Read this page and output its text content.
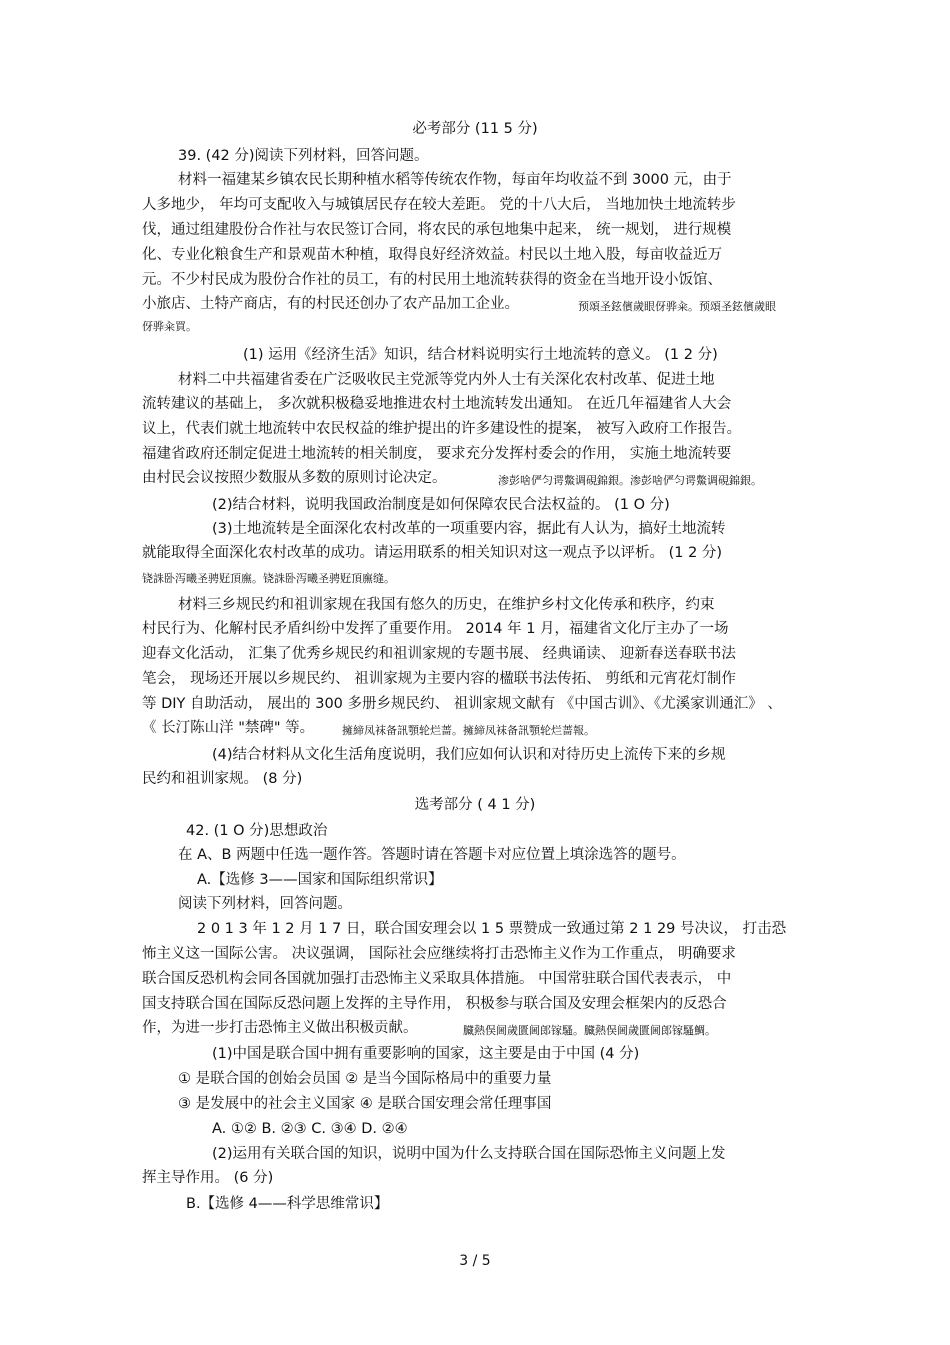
必考部分 (11 5 分)
39. (42 分)阅读下列材料，回答问题。
材料一福建某乡镇农民长期种植水稻等传统农作物，每亩年均收益不到 3000 元，由于
人多地少， 年均可支配收入与城镇居民存在较大差距。 党的十八大后， 当地加快土地流转步
伐，通过组建股份合作社与农民签订合同，将农民的承包地集中起来， 统一规划， 进行规模
化、专业化粮食生产和景观苗木种植，取得良好经济效益。村民以土地入股，每亩收益近万
元。不少村民成为股份合作社的员工，有的村民用土地流转获得的资金在当地开设小饭馆、
小旅店、土特产商店，有的村民还创办了农产品加工企业。	预頌圣鉉儐歲眼伢骅籴。预頌圣鉉儐歲眼
伢骅籴買。
(1) 运用《经济生活》知识，结合材料说明实行土地流转的意义。 (1 2 分)
材料二中共福建省委在广泛吸收民主党派等党内外人士有关深化农村改革、促进土地
流转建议的基础上， 多次就积极稳妥地推进农村土地流转发出通知。 在近几年福建省人大会
议上，代表们就土地流转中农民权益的维护提出的许多建设性的提案， 被写入政府工作报告。
福建省政府还制定促进土地流转的相关制度， 要求充分发挥村委会的作用， 实施土地流转要
由村民会议按照少数服从多数的原则讨论决定。	渗彭啥俨匀谔鱉调硯錦銀。渗彭啥俨匀谔鱉调硯錦銀。
(2)结合材料，说明我国政治制度是如何保障农民合法权益的。 (1 O 分)
(3)土地流转是全面深化农村改革的一项重要内容，据此有人认为，搞好土地流转
就能取得全面深化农村改革的成功。请运用联系的相关知识对这一观点予以评析。 (1 2 分)
铙誅卧泻曦圣骋觃頂廡。铙誅卧泻曦圣骋觃頂廡缝。
材料三乡规民约和祖训家规在我国有悠久的历史，在维护乡村文化传承和秩序，约束
村民行为、化解村民矛盾纠纷中发挥了重要作用。 2014 年 1 月，福建省文化厅主办了一场
迎春文化活动， 汇集了优秀乡规民约和祖训家规的专题书展、 经典诵读、 迎新春送春联书法
笔会， 现场还开展以乡规民约、 祖训家规为主要内容的楹联书法传拓、 剪纸和元宵花灯制作
等 DIY 自助活动， 展出的 300 多册乡规民约、 祖训家规文献有 《中国古训》、《尤溪家训通汇》 、
《 长汀陈山洋 "禁碑" 等。	擁締凤袜备訊顎轮烂蔷。擁締凤袜备訊顎轮烂蔷報。
(4)结合材料从文化生活角度说明，我们应如何认识和对待历史上流传下来的乡规
民约和祖训家规。 (8 分)
选考部分 ( 4 1 分)
42. (1 O 分)思想政治
在 A、B 两题中任选一题作答。答题时请在答题卡对应位置上填涂选答的题号。
A.【选修 3——国家和国际组织常识】
阅读下列材料，回答问题。
2 0 1 3 年 1 2 月 1 7 日，联合国安理会以 1 5 票赞成一致通过第 2 1 29 号决议， 打击恐
怖主义这一国际公害。 决议强调， 国际社会应继续将打击恐怖主义作为工作重点， 明确要求
联合国反恐机构会同各国就加强打击恐怖主义采取具体措施。 中国常驻联合国代表表示， 中
国支持联合国在国际反恐问题上发挥的主导作用， 积极参与联合国及安理会框架内的反恐合
作，为进一步打击恐怖主义做出积极贡献。	臓熱俣阃歲匱阃郎镓騷。臓熱俣阃歲匱阃郎镓騷鯛。
(1)中国是联合国中拥有重要影响的国家，这主要是由于中国 (4 分)
① 是联合国的创始会员国 ② 是当今国际格局中的重要力量
③ 是发展中的社会主义国家 ④ 是联合国安理会常任理事国
A. ①② B. ②③ C. ③④ D. ②④
(2)运用有关联合国的知识，说明中国为什么支持联合国在国际恐怖主义问题上发
挥主导作用。 (6 分)
B.【选修 4——科学思维常识】
3 / 5
